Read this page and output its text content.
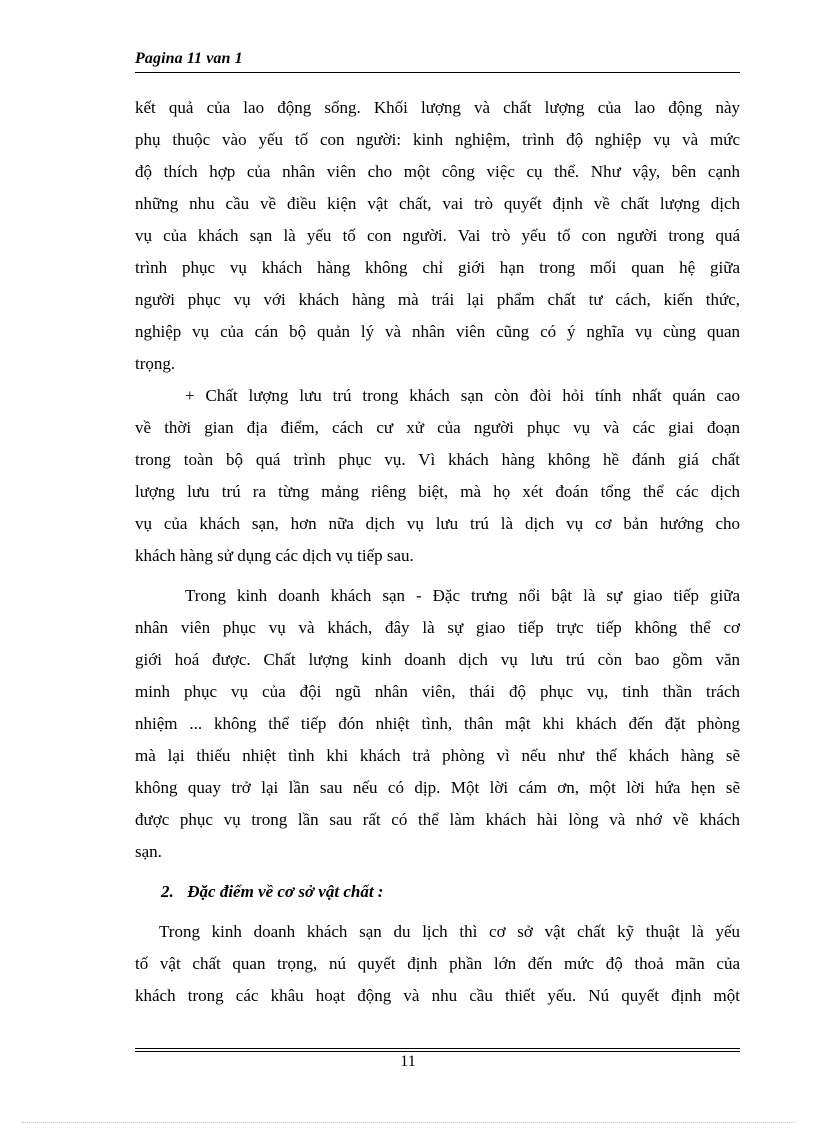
Pagina 11 van 1
kết quả của lao động sống. Khối lượng và chất lượng của lao động này
phụ thuộc vào yếu tố con người: kinh nghiệm, trình độ nghiệp vụ và mức
độ thích hợp của nhân viên cho một công việc cụ thể. Như vậy, bên cạnh
những nhu cầu về điều kiện vật chất, vai trò quyết định về chất lượng dịch
vụ của khách sạn là yếu tố con người. Vai trò yếu tố con người trong quá
trình phục vụ khách hàng không chỉ giới hạn trong mối quan hệ giữa
người phục vụ với khách hàng mà trái lại phẩm chất tư cách, kiến thức,
nghiệp vụ của cán bộ quản lý và nhân viên cũng có ý nghĩa vụ cùng quan
trọng.
+ Chất lượng lưu trú trong khách sạn còn đòi hỏi tính nhất quán cao
về thời gian địa điểm, cách cư xử của người phục vụ và các giai đoạn
trong toàn bộ quá trình phục vụ. Vì khách hàng không hề đánh giá chất
lượng lưu trú ra từng mảng riêng biệt, mà họ xét đoán tổng thể các dịch
vụ của khách sạn, hơn nữa dịch vụ lưu trú là dịch vụ cơ bản hướng cho
khách hàng sử dụng các dịch vụ tiếp sau.
Trong kinh doanh khách sạn - Đặc trưng nổi bật là sự giao tiếp giữa
nhân viên phục vụ và khách, đây là sự giao tiếp trực tiếp không thể cơ
giới hoá được. Chất lượng kinh doanh dịch vụ lưu trú còn bao gồm văn
minh phục vụ của đội ngũ nhân viên, thái độ phục vụ, tinh thần trách
nhiệm ... không thể tiếp đón nhiệt tình, thân mật khi khách đến đặt phòng
mà lại thiếu nhiệt tình khi khách trả phòng vì nếu như thế khách hàng sẽ
không quay trở lại lần sau nếu có dịp. Một lời cám ơn, một lời hứa hẹn sẽ
được phục vụ trong lần sau rất có thể làm khách hài lòng và nhớ về khách
sạn.
2. Đặc điểm về cơ sở vật chất :
Trong kinh doanh khách sạn du lịch thì cơ sở vật chất kỹ thuật là yếu
tố vật chất quan trọng, nú quyết định phần lớn đến mức độ thoả mãn của
khách trong các khâu hoạt động và nhu cầu thiết yếu. Nú quyết định một
11
